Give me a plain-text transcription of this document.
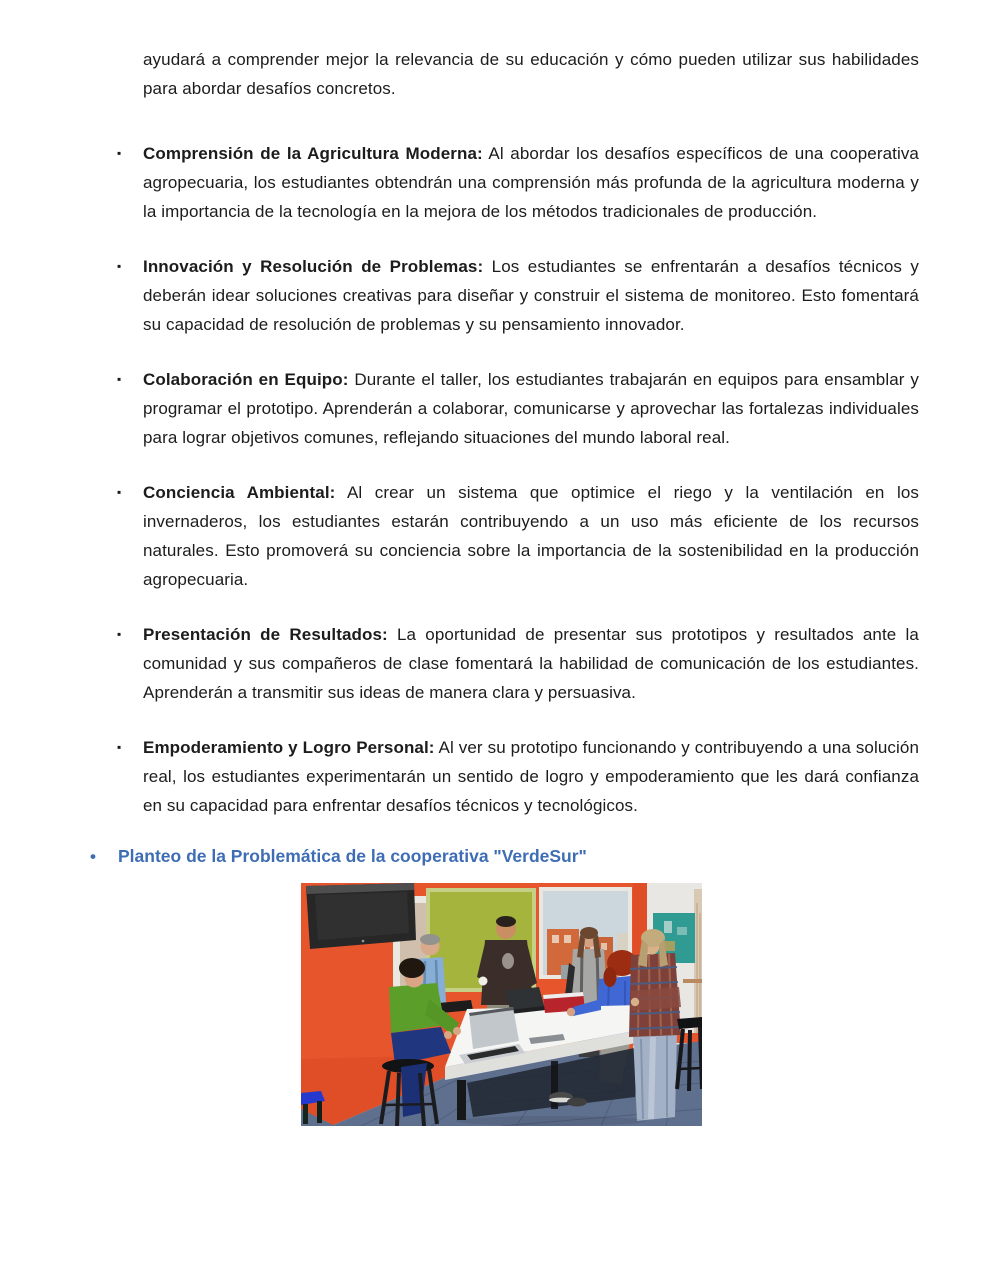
ayudará a comprender mejor la relevancia de su educación y cómo pueden utilizar sus habilidades para abordar desafíos concretos.

▪ Comprensión de la Agricultura Moderna: Al abordar los desafíos específicos de una cooperativa agropecuaria, los estudiantes obtendrán una comprensión más profunda de la agricultura moderna y la importancia de la tecnología en la mejora de los métodos tradicionales de producción.

▪ Innovación y Resolución de Problemas: Los estudiantes se enfrentarán a desafíos técnicos y deberán idear soluciones creativas para diseñar y construir el sistema de monitoreo. Esto fomentará su capacidad de resolución de problemas y su pensamiento innovador.

▪ Colaboración en Equipo: Durante el taller, los estudiantes trabajarán en equipos para ensamblar y programar el prototipo. Aprenderán a colaborar, comunicarse y aprovechar las fortalezas individuales para lograr objetivos comunes, reflejando situaciones del mundo laboral real.

▪ Conciencia Ambiental: Al crear un sistema que optimice el riego y la ventilación en los invernaderos, los estudiantes estarán contribuyendo a un uso más eficiente de los recursos naturales. Esto promoverá su conciencia sobre la importancia de la sostenibilidad en la producción agropecuaria.

▪ Presentación de Resultados: La oportunidad de presentar sus prototipos y resultados ante la comunidad y sus compañeros de clase fomentará la habilidad de comunicación de los estudiantes. Aprenderán a transmitir sus ideas de manera clara y persuasiva.

▪ Empoderamiento y Logro Personal: Al ver su prototipo funcionando y contribuyendo a una solución real, los estudiantes experimentarán un sentido de logro y empoderamiento que les dará confianza en su capacidad para enfrentar desafíos técnicos y tecnológicos.

• Planteo de la Problemática de la cooperativa "VerdeSur"
